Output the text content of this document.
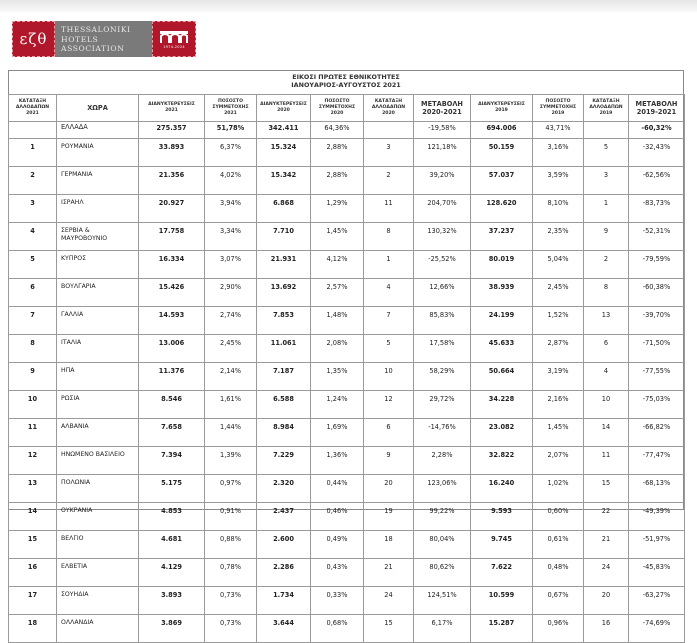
εζθ
THESSALONIKI
HOTELS
ASSOCIATION	1974-2024
ΕΙΚΟΣΙ ΠΡΩΤΕΣ ΕΘΝΙΚΟΤΗΤΕΣ
ΙΑΝΟΥΑΡΙΟΣ-ΑΥΓΟΥΣΤΟΣ 2021
ΚΑΤΑΤΑΞΗ ΑΛΛΟΔΑΠΩΝ 2021	ΧΩΡΑ	ΔΙΑΝΥΚΤΕΡΕΥΣΕΙΣ 2021	ΠΟΣΟΣΤΟ ΣΥΜΜΕΤΟΧΗΣ 2021	ΔΙΑΝΥΚΤΕΡΕΥΣΕΙΣ 2020	ΠΟΣΟΣΤΟ ΣΥΜΜΕΤΟΧΗΣ 2020	ΚΑΤΑΤΑΞΗ ΑΛΛΟΔΑΠΩΝ 2020	ΜΕΤΑΒΟΛΗ 2020-2021	ΔΙΑΝΥΚΤΕΡΕΥΣΕΙΣ 2019	ΠΟΣΟΣΤΟ ΣΥΜΜΕΤΟΧΗΣ 2019	ΚΑΤΑΤΑΞΗ ΑΛΛΟΔΑΠΩΝ 2019	ΜΕΤΑΒΟΛΗ 2019-2021
	ΕΛΛΑΔΑ	275.357	51,78%	342.411	64,36%		-19,58%	694.006	43,71%		-60,32%
1	ΡΟΥΜΑΝΙΑ	33.893	6,37%	15.324	2,88%	3	121,18%	50.159	3,16%	5	-32,43%
2	ΓΕΡΜΑΝΙΑ	21.356	4,02%	15.342	2,88%	2	39,20%	57.037	3,59%	3	-62,56%
3	ΙΣΡΑΗΛ	20.927	3,94%	6.868	1,29%	11	204,70%	128.620	8,10%	1	-83,73%
4	ΣΕΡΒΙΑ & ΜΑΥΡΟΒΟΥΝΙΟ	17.758	3,34%	7.710	1,45%	8	130,32%	37.237	2,35%	9	-52,31%
5	ΚΥΠΡΟΣ	16.334	3,07%	21.931	4,12%	1	-25,52%	80.019	5,04%	2	-79,59%
6	ΒΟΥΛΓΑΡΙΑ	15.426	2,90%	13.692	2,57%	4	12,66%	38.939	2,45%	8	-60,38%
7	ΓΑΛΛΙΑ	14.593	2,74%	7.853	1,48%	7	85,83%	24.199	1,52%	13	-39,70%
8	ΙΤΑΛΙΑ	13.006	2,45%	11.061	2,08%	5	17,58%	45.633	2,87%	6	-71,50%
9	ΗΠΑ	11.376	2,14%	7.187	1,35%	10	58,29%	50.664	3,19%	4	-77,55%
10	ΡΩΣΙΑ	8.546	1,61%	6.588	1,24%	12	29,72%	34.228	2,16%	10	-75,03%
11	ΑΛΒΑΝΙΑ	7.658	1,44%	8.984	1,69%	6	-14,76%	23.082	1,45%	14	-66,82%
12	ΗΝΩΜΕΝΟ ΒΑΣΙΛΕΙΟ	7.394	1,39%	7.229	1,36%	9	2,28%	32.822	2,07%	11	-77,47%
13	ΠΟΛΩΝΙΑ	5.175	0,97%	2.320	0,44%	20	123,06%	16.240	1,02%	15	-68,13%
14	ΟΥΚΡΑΝΙΑ	4.853	0,91%	2.437	0,46%	19	99,22%	9.593	0,60%	22	-49,39%
15	ΒΕΛΓΙΟ	4.681	0,88%	2.600	0,49%	18	80,04%	9.745	0,61%	21	-51,97%
16	ΕΛΒΕΤΙΑ	4.129	0,78%	2.286	0,43%	21	80,62%	7.622	0,48%	24	-45,83%
17	ΣΟΥΗΔΙΑ	3.893	0,73%	1.734	0,33%	24	124,51%	10.599	0,67%	20	-63,27%
18	ΟΛΛΑΝΔΙΑ	3.869	0,73%	3.644	0,68%	15	6,17%	15.287	0,96%	16	-74,69%
